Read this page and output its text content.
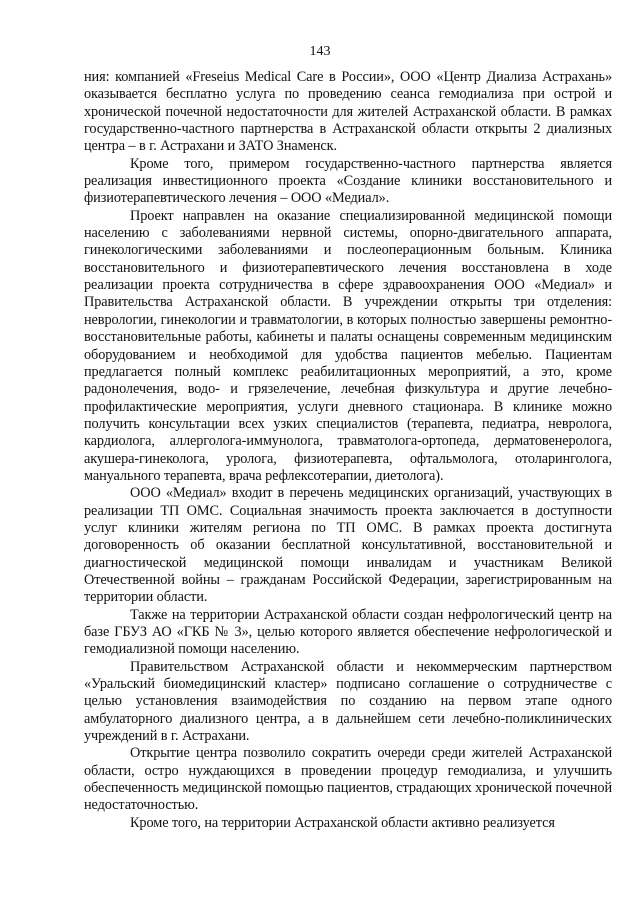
143

ния: компанией «Freseius Medical Care в России», ООО «Центр Диализа Астрахань» оказывается бесплатно услуга по проведению сеанса гемодиализа при острой и хронической почечной недостаточности для жителей Астраханской области. В рамках государственно-частного партнерства в Астраханской области открыты 2 диализных центра – в г. Астрахани и ЗАТО Знаменск.

Кроме того, примером государственно-частного партнерства является реализация инвестиционного проекта «Создание клиники восстановительного и физиотерапевтического лечения – ООО «Медиал».

Проект направлен на оказание специализированной медицинской помощи населению с заболеваниями нервной системы, опорно-двигательного аппарата, гинекологическими заболеваниями и послеоперационным больным. Клиника восстановительного и физиотерапевтического лечения восстановлена в ходе реализации проекта сотрудничества в сфере здравоохранения ООО «Медиал» и Правительства Астраханской области. В учреждении открыты три отделения: неврологии, гинекологии и травматологии, в которых полностью завершены ремонтно-восстановительные работы, кабинеты и палаты оснащены современным медицинским оборудованием и необходимой для удобства пациентов мебелью. Пациентам предлагается полный комплекс реабилитационных мероприятий, а это, кроме радонолечения, водо- и грязелечение, лечебная физкультура и другие лечебно-профилактические мероприятия, услуги дневного стационара. В клинике можно получить консультации всех узких специалистов (терапевта, педиатра, невролога, кардиолога, аллерголога-иммунолога, травматолога-ортопеда, дерматовенеролога, акушера-гинеколога, уролога, физиотерапевта, офтальмолога, отоларинголога, мануального терапевта, врача рефлексотерапии, диетолога).

ООО «Медиал» входит в перечень медицинских организаций, участвующих в реализации ТП ОМС. Социальная значимость проекта заключается в доступности услуг клиники жителям региона по ТП ОМС. В рамках проекта достигнута договоренность об оказании бесплатной консультативной, восстановительной и диагностической медицинской помощи инвалидам и участникам Великой Отечественной войны – гражданам Российской Федерации, зарегистрированным на территории области.

Также на территории Астраханской области создан нефрологический центр на базе ГБУЗ АО «ГКБ № 3», целью которого является обеспечение нефрологической и гемодиализной помощи населению.

Правительством Астраханской области и некоммерческим партнерством «Уральский биомедицинский кластер» подписано соглашение о сотрудничестве с целью установления взаимодействия по созданию на первом этапе одного амбулаторного диализного центра, а в дальнейшем сети лечебно-поликлинических учреждений в г. Астрахани.

Открытие центра позволило сократить очереди среди жителей Астраханской области, остро нуждающихся в проведении процедур гемодиализа, и улучшить обеспеченность медицинской помощью пациентов, страдающих хронической почечной недостаточностью.

Кроме того, на территории Астраханской области активно реализуется
